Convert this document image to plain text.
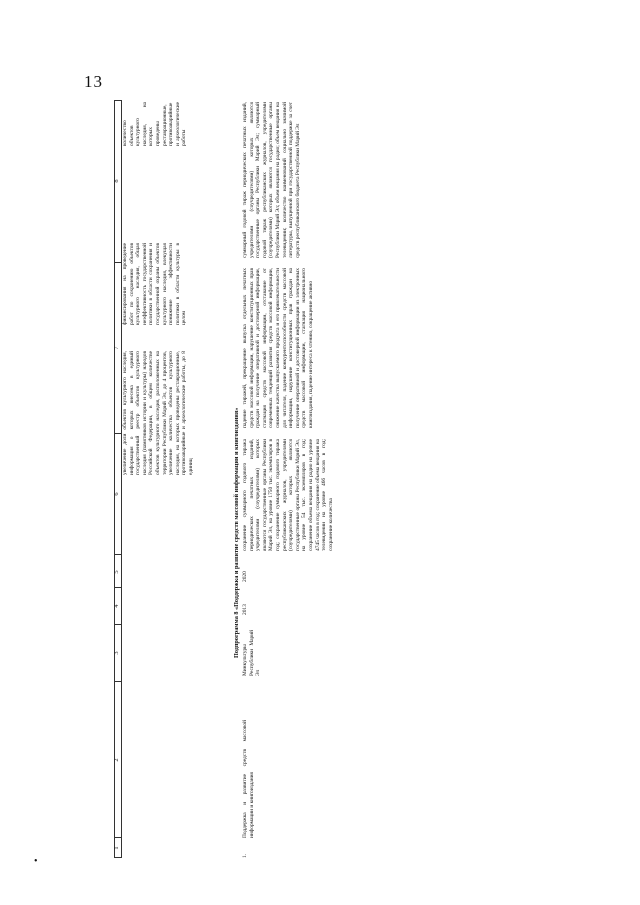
13
•
1
2
3
4
5
6
7
8
увеличение доли объектов культурного наследия, информация о которых внесена в единый государственный реестр объектов культурного наследия (памятников истории и культуры) народов Российской Федерации, в общем количестве объектов культурного наследия, расположенных на территории Республики Марий Эл, до 4 процентов, увеличение количества объектов культурного наследия, на которых проведены реставрационные, противоаварийные и археологические работы, до 8 единиц
финансирования на проведение работ по сохранению объектов культурного наследия, общая неэффективность государственной политики в области сохранения и государственной охраны объектов культурного наследия, влекущая понижение эффективности политики в области культуры в целом
количество объектов культурного наследия, на которых проведены реставрационные, противоаварийные и археологические работы
Подпрограмма 8 «Поддержка и развитие средств массовой информации и книгоиздания»
1.
Поддержка и развитие средств массовой информации и книгоиздания
Минкультуры Республики Марий Эл
2013
2020
сохранение суммарного годового тиража периодических печатных изданий, учредителями (соучредителями) которых являются государственные органы Республики Марий Эл, на уровне 1750 тыс. экземпляров в год; сохранение суммарного годового тиража республиканских журналов, учредителями (соучредителями) которых являются государственные органы Республики Марий Эл, на уровне 54 тыс. экземпляров в год; сохранение объема вещания на радио на уровне 4745 часов в год; сохранение объема вещания на телевидении на уровне 466 часов в год; сохранение количества
падение тиражей, прекращение выпуска отдельных печатных средств массовой информации, нарушение конституционных прав граждан на получение оперативной и достоверной информации, стагнация средств массовой информации, отставание от современных тенденций развития средств массовой информации, снижение качества выпускаемого продукта и его привлекательности для читателя, падение конкурентоспособности средств массовой информации, нарушение конституционных прав граждан на получение оперативной и достоверной информации из электронных средств массовой информации, стагнация национального книгоиздания, падение интереса к чтению, сокращение активно
суммарный годовой тираж периодических печатных изданий, учредителями (соучредителями) которых являются государственные органы Республики Марий Эл; суммарный годовой тираж республиканских журналов, учредителями (соучредителями) которых являются государственные органы Республики Марий Эл; объем вещания на радио; объем вещания на телевидении; количество наименований социально значимой литературы, выпущенной при государственной поддержке за счет средств республиканского бюджета Республики Марий Эл
